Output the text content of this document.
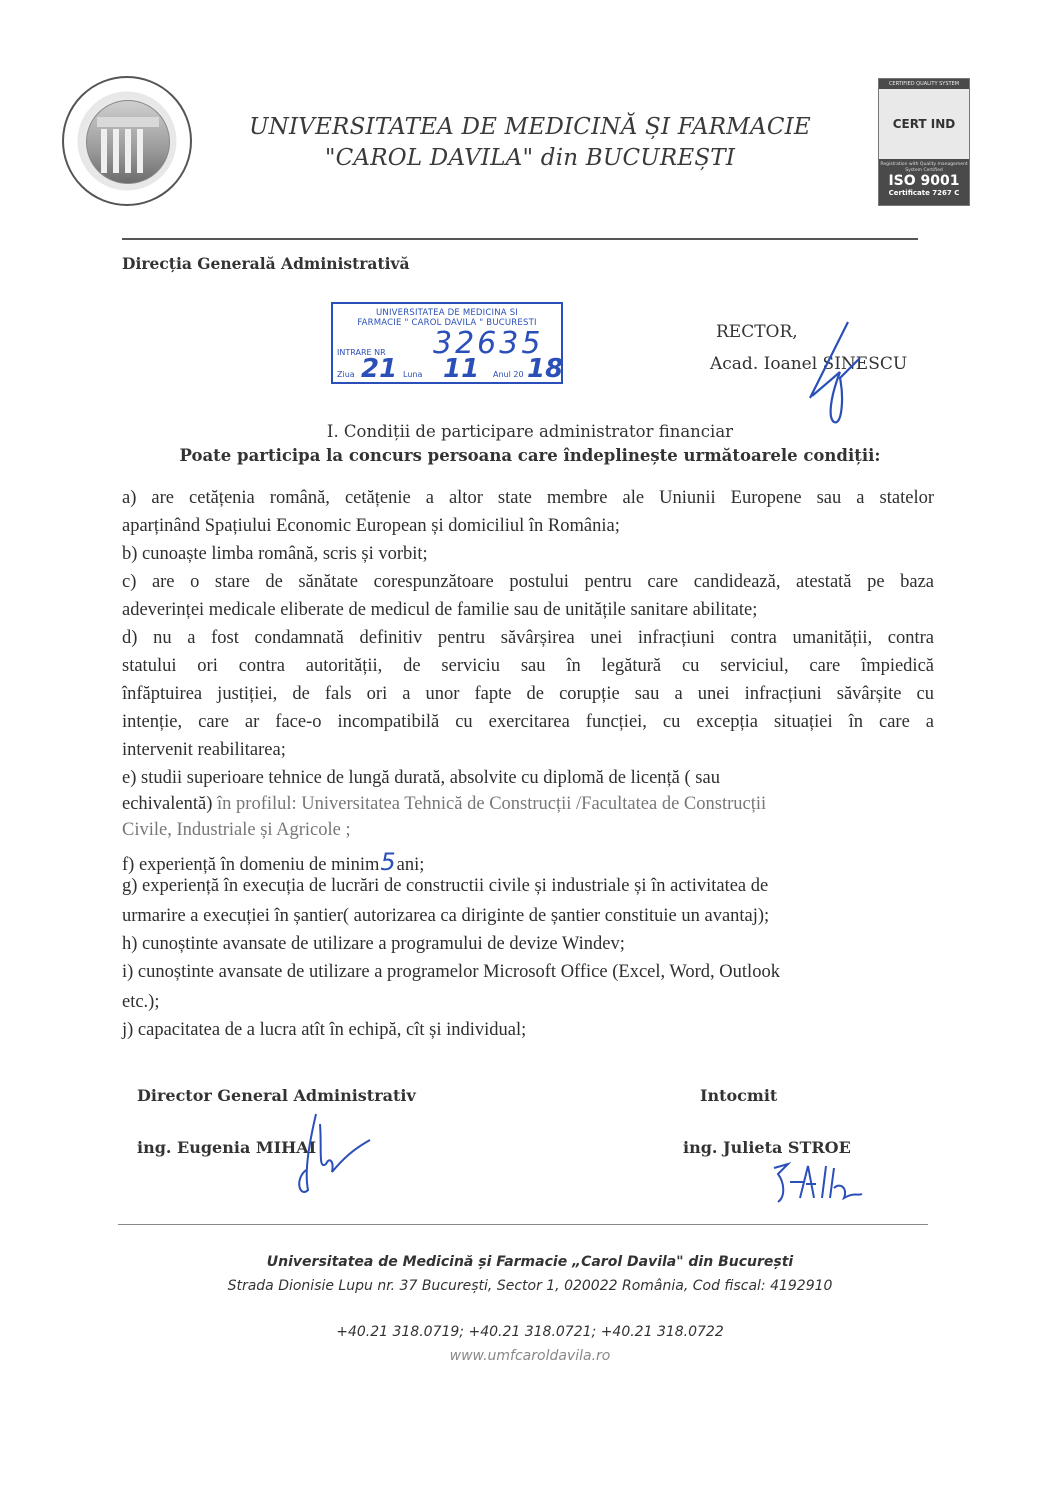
UNIVERSITATEA DE MEDICINĂ ȘI FARMACIE
"CAROL DAVILA" din BUCUREȘTI
CERTIFIED QUALITY SYSTEM
CERT IND
Registration with Quality management System Certified
ISO 9001
Certificate 7267 C
Direcția Generală Administrativă
UNIVERSITATEA DE MEDICINA SI
FARMACIE " CAROL DAVILA " BUCURESTI
INTRARE NR 32635
Ziua 21 Luna 11 Anul 20 18
RECTOR,
Acad. Ioanel SINESCU
I. Condiții de participare administrator financiar
Poate participa la concurs persoana care îndeplinește următoarele condiții:
a) are cetățenia română, cetățenie a altor state membre ale Uniunii Europene sau a statelor
aparținând Spațiului Economic European și domiciliul în România;
b) cunoaște limba română, scris și vorbit;
c) are o stare de sănătate corespunzătoare postului pentru care candidează, atestată pe baza
adeverinței medicale eliberate de medicul de familie sau de unitățile sanitare abilitate;
d) nu a fost condamnată definitiv pentru săvârșirea unei infracțiuni contra umanității, contra
statului ori contra autorității, de serviciu sau în legătură cu serviciul, care împiedică
înfăptuirea justiției, de fals ori a unor fapte de corupție sau a unei infracțiuni săvârșite cu
intenție, care ar face-o incompatibilă cu exercitarea funcției, cu excepția situației în care a
intervenit reabilitarea;
e) studii superioare tehnice de lungă durată, absolvite cu diplomă de licență ( sau
echivalentă) în profilul: Universitatea Tehnică de Construcții /Facultatea de Construcții
Civile, Industriale și Agricole ;
f) experiență în domeniu de minim5ani;
g) experiență în execuția de lucrări de constructii civile și industriale și în activitatea de
urmarire a execuției în șantier( autorizarea ca diriginte de șantier constituie un avantaj);
h) cunoștinte avansate de utilizare a programului de devize Windev;
i) cunoștinte avansate de utilizare a programelor Microsoft Office (Excel, Word, Outlook
etc.);
j) capacitatea de a lucra atît în echipă, cît și individual;
Director General Administrativ
ing. Eugenia MIHAI
Intocmit
ing. Julieta STROE
Universitatea de Medicină și Farmacie „Carol Davila" din București
Strada Dionisie Lupu nr. 37 București, Sector 1, 020022 România, Cod fiscal: 4192910
+40.21 318.0719; +40.21 318.0721; +40.21 318.0722
www.umfcaroldavila.ro
